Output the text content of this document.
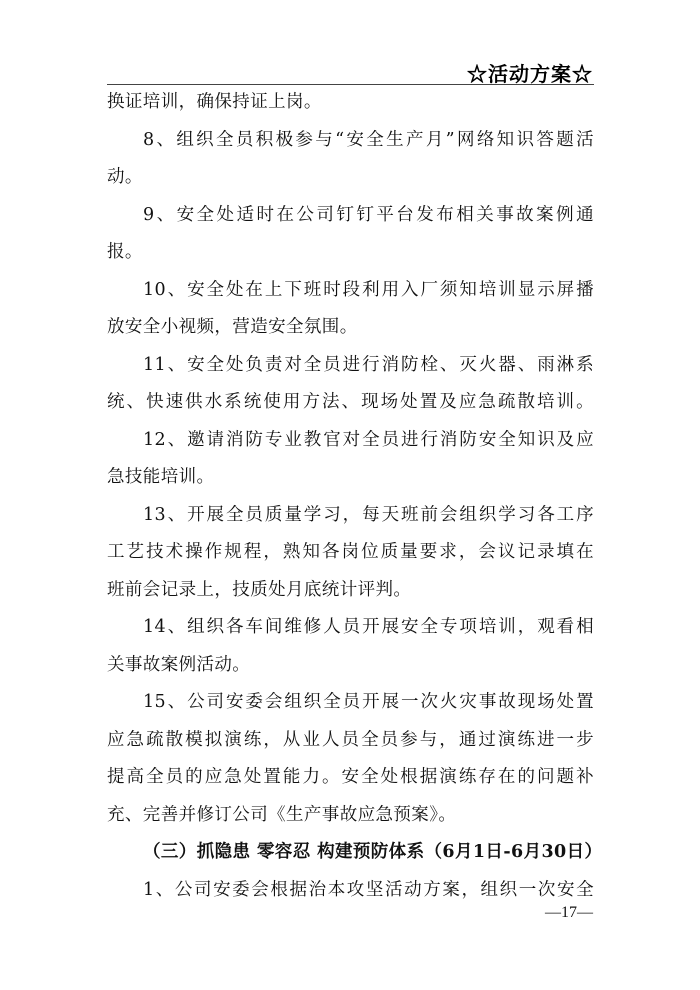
☆活动方案☆
换证培训，确保持证上岗。
8、组织全员积极参与“安全生产月”网络知识答题活
动。
9、安全处适时在公司钉钉平台发布相关事故案例通
报。
10、安全处在上下班时段利用入厂须知培训显示屏播
放安全小视频，营造安全氛围。
11、安全处负责对全员进行消防栓、灭火器、雨淋系
统、快速供水系统使用方法、现场处置及应急疏散培训。
12、邀请消防专业教官对全员进行消防安全知识及应
急技能培训。
13、开展全员质量学习，每天班前会组织学习各工序
工艺技术操作规程，熟知各岗位质量要求，会议记录填在
班前会记录上，技质处月底统计评判。
14、组织各车间维修人员开展安全专项培训，观看相
关事故案例活动。
15、公司安委会组织全员开展一次火灾事故现场处置
应急疏散模拟演练，从业人员全员参与，通过演练进一步
提高全员的应急处置能力。安全处根据演练存在的问题补
充、完善并修订公司《生产事故应急预案》。
（三）抓隐患 零容忍 构建预防体系（6月1日-6月30日）
1、公司安委会根据治本攻坚活动方案，组织一次安全
—17—
